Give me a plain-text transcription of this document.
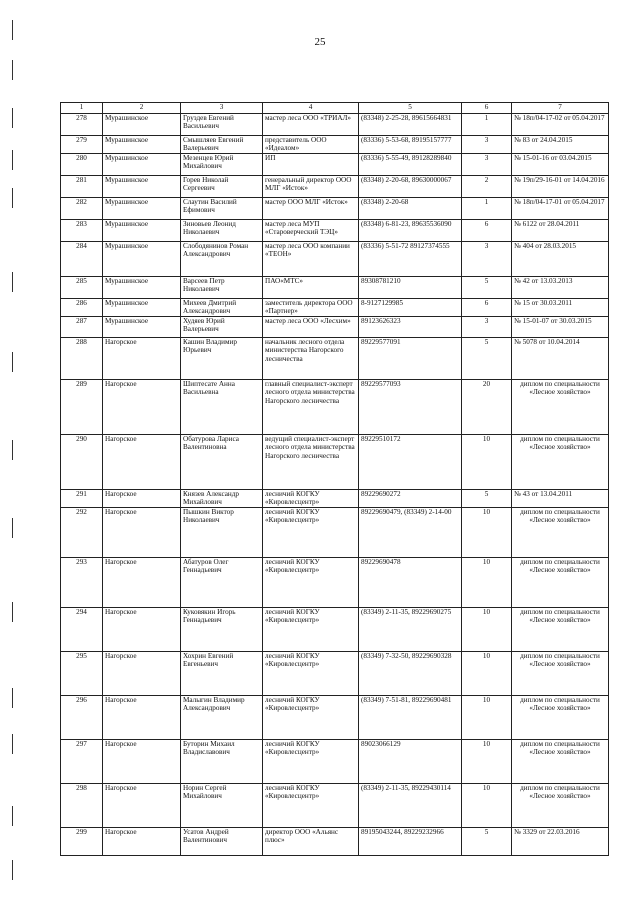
25
1	2	3	4	5	6	7
278	Мурашинское	Груздев Евгений Васильевич	мастер леса ООО «ТРИАЛ»	(83348) 2-25-28, 89615664831	1	№ 18п/04-17-02 от 05.04.2017
279	Мурашинское	Смышляев Евгений Валерьевич	представитель ООО «Идеалом»	(83336) 5-53-68, 89195157777	3	№ 83 от 24.04.2015
280	Мурашинское	Мезенцев Юрий Михайлович	ИП	(83336) 5-55-49, 89128289840	3	№ 15-01-16 от 03.04.2015
281	Мурашинское	Горев Николай Сергеевич	генеральный директор ООО МЛГ «Исток»	(83348) 2-20-68, 89630000067	2	№ 19п/29-16-01 от 14.04.2016
282	Мурашинское	Слаутин Василий Ефимович	мастер ООО МЛГ «Исток»	(83348) 2-20-68	1	№ 18п/04-17-01 от 05.04.2017
283	Мурашинское	Зиновьев Леонид Николаевич	мастер леса МУП «Староверческий ТЭЦ»	(83348) 6-81-23, 89635536090	6	№ 6122 от 28.04.2011
284	Мурашинское	Слободянинов Роман Александрович	мастер леса ООО компании «ТЕОН»	(83336) 5-51-72 89127374555	3	№ 404 от 28.03.2015
285	Мурашинское	Варсеев Петр Николаевич	ПАО«МТС»	89308781210	5	№ 42 от 13.03.2013
286	Мурашинское	Михеев Дмитрий Александрович	заместитель директора ООО «Партнер»	8-9127129985	6	№ 15 от 30.03.2011
287	Мурашинское	Худяев Юрий Валерьевич	мастер леса ООО «Лесхим»	89123626323	3	№ 15-01-07 от 30.03.2015
288	Нагорское	Кашин Владимир Юрьевич	начальник лесного отдела министерства Нагорского лесничества	89229577091	5	№ 5078 от 10.04.2014
289	Нагорское	Шиптесате Анна Васильевна	главный специалист-эксперт лесного отдела министерства Нагорского лесничества	89229577093	20	диплом по специальности «Лесное хозяйство»
290	Нагорское	Обатурова Лариса Валентиновна	ведущий специалист-эксперт лесного отдела министерства Нагорского лесничества	89229510172	10	диплом по специальности «Лесное хозяйство»
291	Нагорское	Князев Александр Михайлович	лесничий КОГКУ «Кировлесцентр»	89229690272	5	№ 43 от 13.04.2011
292	Нагорское	Пышкин Виктор Николаевич	лесничий КОГКУ «Кировлесцентр»	89229690479, (83349) 2-14-00	10	диплом по специальности «Лесное хозяйство»
293	Нагорское	Абатуров Олег Геннадьевич	лесничий КОГКУ «Кировлесцентр»	89229690478	10	диплом по специальности «Лесное хозяйство»
294	Нагорское	Куковякин Игорь Геннадьевич	лесничий КОГКУ «Кировлесцентр»	(83349) 2-11-35, 89229690275	10	диплом по специальности «Лесное хозяйство»
295	Нагорское	Хохрин Евгений Евгеньевич	лесничий КОГКУ «Кировлесцентр»	(83349) 7-32-50, 89229690328	10	диплом по специальности «Лесное хозяйство»
296	Нагорское	Малыгин Владимир Александрович	лесничий КОГКУ «Кировлесцентр»	(83349) 7-51-81, 89229690481	10	диплом по специальности «Лесное хозяйство»
297	Нагорское	Буторин Михаил Владиславович	лесничий КОГКУ «Кировлесцентр»	89023066129	10	диплом по специальности «Лесное хозяйство»
298	Нагорское	Норин Сергей Михайлович	лесничий КОГКУ «Кировлесцентр»	(83349) 2-11-35, 89229430114	10	диплом по специальности «Лесное хозяйство»
299	Нагорское	Усатов Андрей Валентинович	директор ООО «Альянс плюс»	89195043244, 89229232966	5	№ 3329 от 22.03.2016
